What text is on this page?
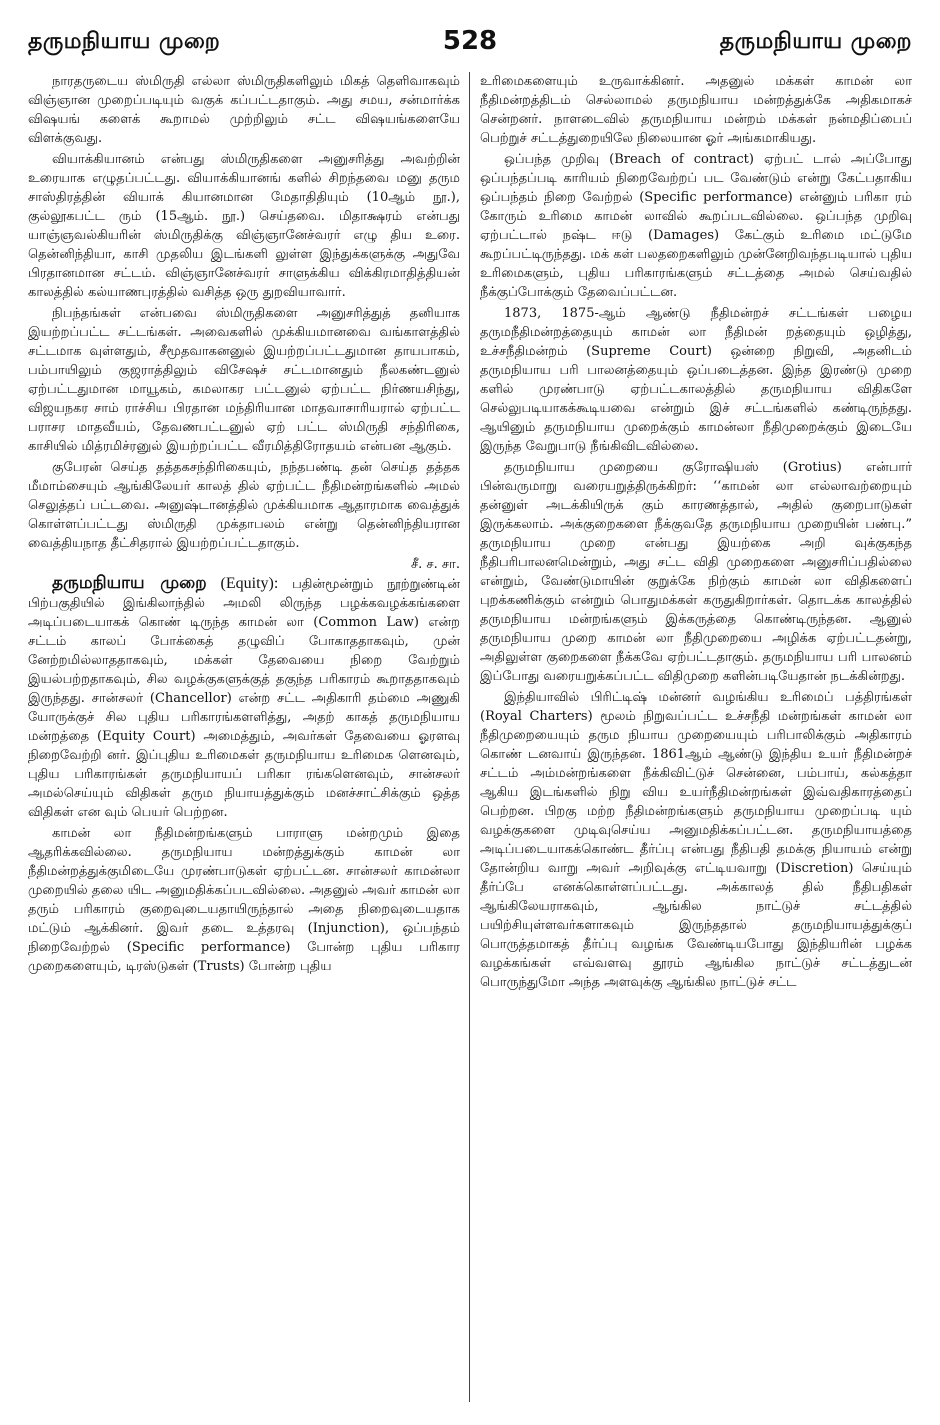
தருமநியாய முறை	528	தருமநியாய முறை

நாரதருடைய ஸ்மிருதி எல்லா ஸ்மிருதிகளிலும் மிகத் தெளிவாகவும் விஞ்ஞான முறைப்படியும் வகுக் கப்பட்டதாகும். அது சமய, சன்மார்க்க விஷயங் களைக் கூறாமல் முற்றிலும் சட்ட விஷயங்களையே விளக்குவது.

வியாக்கியானம் என்பது ஸ்மிருதிகளை அனுசரித்து அவற்றின் உரையாக எழுதப்பட்டது. வியாக்கியானங் களில் சிறந்தவை மனு தரும சாஸ்திரத்தின் வியாக் கியானமான மேதாதிதியும் (10ஆம் நூ.), குல்லூகபட்ட ரும் (15ஆம். நூ.) செய்தவை. மிதாக்ஷரம் என்பது யாஞ்ஞவல்கியரின் ஸ்மிருதிக்கு விஞ்ஞானேச்வரர் எழு திய உரை. தென்னிந்தியா, காசி முதலிய இடங்களி லுள்ள இந்துக்களுக்கு அதுவே பிரதானமான சட்டம். விஞ்ஞானேச்வரர் சாளுக்கிய விக்கிரமாதித்தியன் காலத்தில் கல்யாணபுரத்தில் வசித்த ஒரு துறவியாவார்.

நிபந்தங்கள் என்பவை ஸ்மிருதிகளை அனுசரித்துத் தனியாக இயற்றப்பட்ட சட்டங்கள். அவைகளில் முக்கியமானவை வங்காளத்தில் சட்டமாக வுள்ளதும், சீமூதவாகனனுல் இயற்றப்பட்டதுமான தாயபாகம், பம்பாயிலும் குஜராத்திலும் விசேஷச் சட்டமானதும் நீலகண்டனுல் ஏற்பட்டதுமான மாயூகம், கமலாகர பட்டனுல் ஏற்பட்ட நிர்ணயசிந்து, விஜயநகர சாம் ராச்சிய பிரதான மந்திரியான மாதவாசாரியரால் ஏற்பட்ட பராசர மாதவீயம், தேவணபட்டனுல் ஏற் பட்ட ஸ்மிருதி சந்திரிகை, காசியில் மித்ரமிச்ரனுல் இயற்றப்பட்ட வீரமித்திரோதயம் என்பன ஆகும்.

குபேரன் செய்த தத்தகசந்திரிகையும், நந்தபண்டி தன் செய்த தத்தக மீமாம்சையும் ஆங்கிலேயர் காலத் தில் ஏற்பட்ட நீதிமன்றங்களில் அமல் செலுத்தப் பட்டவை. அனுஷ்டானத்தில் முக்கியமாக ஆதாரமாக வைத்துக் கொள்ளப்பட்டது ஸ்மிருதி முக்தாபலம் என்று தென்னிந்தியரான வைத்தியநாத தீட்சிதரால் இயற்றப்பட்டதாகும்.

சீ. ச. சா.

தருமநியாய முறை (Equity): பதின்மூன்றும் நூற்றுண்டின் பிற்பகுதியில் இங்கிலாந்தில் அமலி லிருந்த பழக்கவழக்கங்களை அடிப்படையாகக் கொண் டிருந்த காமன் லா (Common Law) என்ற சட்டம் காலப் போக்கைத் தழுவிப் போகாததாகவும், முன் னேற்றமில்லாததாகவும், மக்கள் தேவையை நிறை வேற்றும் இயல்பற்றதாகவும், சில வழக்குகளுக்குத் தகுந்த பரிகாரம் கூறாததாகவும் இருந்தது. சான்சலர் (Chancellor) என்ற சட்ட அதிகாரி தம்மை அணுகி யோருக்குச் சில புதிய பரிகாரங்களளித்து, அதற் காகத் தருமநியாய மன்றத்தை (Equity Court) அமைத்தும், அவர்கள் தேவையை ஓரளவு நிறைவேற்றி னர். இப்புதிய உரிமைகள் தருமநியாய உரிமைக ளெனவும், புதிய பரிகாரங்கள் தருமநியாயப் பரிகா ரங்களெனவும், சான்சலர் அமல்செய்யும் விதிகள் தரும நியாயத்துக்கும் மனச்சாட்சிக்கும் ஒத்த விதிகள் என வும் பெயர் பெற்றன.

காமன் லா நீதிமன்றங்களும் பாராளு மன்றமும் இதை ஆதரிக்கவில்லை. தருமநியாய மன்றத்துக்கும் காமன் லா நீதிமன்றத்துக்குமிடையே முரண்பாடுகள் ஏற்பட்டன. சான்சலர் காமன்லா முறையில் தலை யிட அனுமதிக்கப்படவில்லை. அதனுல் அவர் காமன் லா தரும் பரிகாரம் குறைவுடையதாயிருந்தால் அதை நிறைவுடையதாக மட்டும் ஆக்கினர். இவர் தடை உத்தரவு (Injunction), ஒப்பந்தம் நிறைவேற்றல் (Specific performance) போன்ற புதிய பரிகார முறைகளையும், டிரஸ்டுகள் (Trusts) போன்ற புதிய

உரிமைகளையும் உருவாக்கினர். அதனுல் மக்கள் காமன் லா நீதிமன்றத்திடம் செல்லாமல் தருமநியாய மன்றத்துக்கே அதிகமாகச் சென்றனர். நாளடைவில் தருமநியாய மன்றம் மக்கள் நன்மதிப்பைப் பெற்றுச் சட்டத்துறையிலே நிலையான ஓர் அங்கமாகியது.

ஒப்பந்த முறிவு (Breach of contract) ஏற்பட் டால் அப்போது ஒப்பந்தப்படி காரியம் நிறைவேற்றப் பட வேண்டும் என்று கேட்பதாகிய ஒப்பந்தம் நிறை வேற்றல் (Specific performance) என்னும் பரிகா ரம் கோரும் உரிமை காமன் லாவில் கூறப்படவில்லை. ஒப்பந்த முறிவு ஏற்பட்டால் நஷ்ட ஈடு (Damages) கேட்கும் உரிமை மட்டுமே கூறப்பட்டிருந்தது. மக் கள் பலதறைகளிலும் முன்னேறிவந்தபடியால் புதிய உரிமைகளும், புதிய பரிகாரங்களும் சட்டத்தை அமல் செய்வதில் நீக்குப்போக்கும் தேவைப்பட்டன.

1873, 1875-ஆம் ஆண்டு நீதிமன்றச் சட்டங்கள் பழைய தருமநீதிமன்றத்தையும் காமன் லா நீதிமன் றத்தையும் ஒழித்து, உச்சநீதிமன்றம் (Supreme Court) ஒன்றை நிறுவி, அதனிடம் தருமநியாய பரி பாலனத்தையும் ஒப்படைத்தன. இந்த இரண்டு முறை களில் முரண்பாடு ஏற்பட்டகாலத்தில் தருமநியாய விதிகளே செல்லுபடியாகக்கூடியவை என்றும் இச் சட்டங்களில் கண்டிருந்தது. ஆயினும் தருமநியாய முறைக்கும் காமன்லா நீதிமுறைக்கும் இடையே இருந்த வேறுபாடு நீங்கிவிடவில்லை.

தருமநியாய முறையை குரோஷியஸ் (Grotius) என்பார் பின்வருமாறு வரையறுத்திருக்கிறர்: ‘‘காமன் லா எல்லாவற்றையும் தன்னுள் அடக்கியிருக் கும் காரணத்தால், அதில் குறைபாடுகள் இருக்கலாம். அக்குறைகளை நீக்குவதே தருமநியாய முறையின் பண்பு.” தருமநியாய முறை என்பது இயற்கை அறி வுக்குகந்த நீதிபரிபாலனமென்றும், அது சட்ட விதி முறைகளை அனுசரிப்பதில்லை என்றும், வேண்டுமாயின் குறுக்கே நிற்கும் காமன் லா விதிகளைப் புறக்கணிக்கும் என்றும் பொதுமக்கள் கருதுகிறார்கள். தொடக்க காலத்தில் தருமநியாய மன்றங்களும் இக்கருத்தை கொண்டிருந்தன. ஆனுல் தருமநியாய முறை காமன் லா நீதிமுறையை அழிக்க ஏற்பட்டதன்று, அதிலுள்ள குறைகளை நீக்கவே ஏற்பட்டதாகும். தருமநியாய பரி பாலனம் இப்போது வரையறுக்கப்பட்ட விதிமுறை களின்படியேதான் நடக்கின்றது.

இந்தியாவில் பிரிட்டிஷ் மன்னர் வழங்கிய உரிமைப் பத்திரங்கள் (Royal Charters) மூலம் நிறுவப்பட்ட உச்சநீதி மன்றங்கள் காமன் லா நீதிமுறையையும் தரும நியாய முறையையும் பரிபாலிக்கும் அதிகாரம் கொண் டனவாய் இருந்தன. 1861ஆம் ஆண்டு இந்திய உயர் நீதிமன்றச் சட்டம் அம்மன்றங்களை நீக்கிவிட்டுச் சென்னை, பம்பாய், கல்கத்தா ஆகிய இடங்களில் நிறு விய உயர்நீதிமன்றங்கள் இவ்வதிகாரத்தைப் பெற்றன. பிறகு மற்ற நீதிமன்றங்களும் தருமநியாய முறைப்படி யும் வழக்குகளை முடிவுசெய்ய அனுமதிக்கப்பட்டன. தருமநியாயத்தை அடிப்படையாகக்கொண்ட தீர்ப்பு என்பது நீதிபதி தமக்கு நியாயம் என்று தோன்றிய வாறு அவர் அறிவுக்கு எட்டியவாறு (Discretion) செய்யும் தீர்ப்பே எனக்கொள்ளப்பட்டது. அக்காலத் தில் நீதிபதிகள் ஆங்கிலேயராகவும், ஆங்கில நாட்டுச் சட்டத்தில் பயிற்சியுள்ளவர்களாகவும் இருந்ததால் தருமநியாயத்துக்குப் பொருத்தமாகத் தீர்ப்பு வழங்க வேண்டியபோது இந்தியரின் பழக்க வழக்கங்கள் எவ்வளவு தூரம் ஆங்கில நாட்டுச் சட்டத்துடன் பொருந்துமோ அந்த அளவுக்கு ஆங்கில நாட்டுச் சட்ட
